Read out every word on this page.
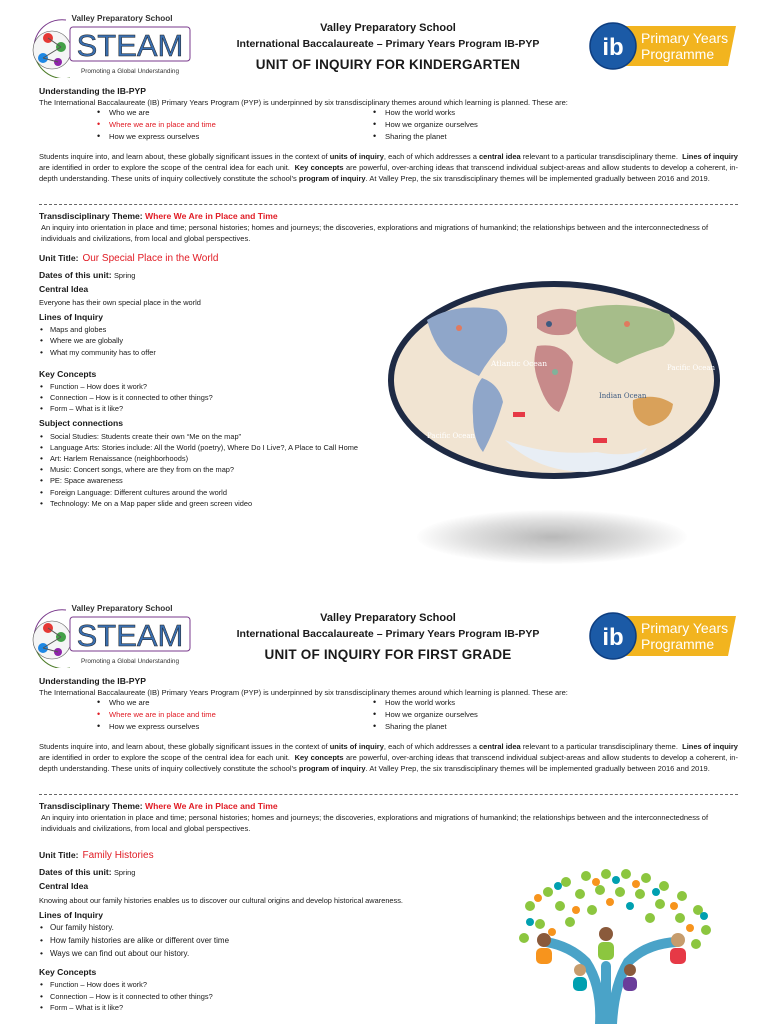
Valley Preparatory School
STEAM
Promoting a Global Understanding
Valley Preparatory School
International Baccalaureate – Primary Years Program IB-PYP
UNIT OF INQUIRY FOR KINDERGARTEN
ib Primary Years
Programme
Understanding the IB-PYP
The International Baccalaureate (IB) Primary Years Program (PYP) is underpinned by six transdisciplinary themes around which learning is planned. These are:
• Who we are
• Where we are in place and time
• How we express ourselves
• How the world works
• How we organize ourselves
• Sharing the planet
Students inquire into, and learn about, these globally significant issues in the context of units of inquiry, each of which addresses a central idea relevant to a particular transdisciplinary theme. Lines of inquiry are identified in order to explore the scope of the central idea for each unit. Key concepts are powerful, over-arching ideas that transcend individual subject-areas and allow students to develop a coherent, in-depth understanding. These units of inquiry collectively constitute the school’s program of inquiry. At Valley Prep, the six transdisciplinary themes will be implemented gradually between 2016 and 2019.
Transdisciplinary Theme: Where We Are in Place and Time
An inquiry into orientation in place and time; personal histories; homes and journeys; the discoveries, explorations and migrations of humankind; the relationships between and the interconnectedness of individuals and civilizations, from local and global perspectives.
Unit Title: Our Special Place in the World
Dates of this unit: Spring
Central Idea
Everyone has their own special place in the world
Lines of Inquiry
• Maps and globes
• Where we are globally
• What my community has to offer
Key Concepts
• Function – How does it work?
• Connection – How is it connected to other things?
• Form – What is it like?
Subject connections
• Social Studies: Students create their own “Me on the map”
• Language Arts: Stories include: All the World (poetry), Where Do I Live?, A Place to Call Home
• Art: Harlem Renaissance (neighborhoods)
• Music: Concert songs, where are they from on the map?
• PE: Space awareness
• Foreign Language: Different cultures around the world
• Technology: Me on a Map paper slide and green screen video
Atlantic Ocean
Indian Ocean
Pacific Ocean
Pacific Ocean
Valley Preparatory School
STEAM
Promoting a Global Understanding
Valley Preparatory School
International Baccalaureate – Primary Years Program IB-PYP
UNIT OF INQUIRY FOR FIRST GRADE
ib Primary Years
Programme
Understanding the IB-PYP
The International Baccalaureate (IB) Primary Years Program (PYP) is underpinned by six transdisciplinary themes around which learning is planned. These are:
• Who we are
• Where we are in place and time
• How we express ourselves
• How the world works
• How we organize ourselves
• Sharing the planet
Students inquire into, and learn about, these globally significant issues in the context of units of inquiry, each of which addresses a central idea relevant to a particular transdisciplinary theme. Lines of inquiry are identified in order to explore the scope of the central idea for each unit. Key concepts are powerful, over-arching ideas that transcend individual subject-areas and allow students to develop a coherent, in-depth understanding. These units of inquiry collectively constitute the school’s program of inquiry. At Valley Prep, the six transdisciplinary themes will be implemented gradually between 2016 and 2019.
Transdisciplinary Theme: Where We Are in Place and Time
An inquiry into orientation in place and time; personal histories; homes and journeys; the discoveries, explorations and migrations of humankind; the relationships between and the interconnectedness of individuals and civilizations, from local and global perspectives.
Unit Title: Family Histories
Dates of this unit: Spring
Central Idea
Knowing about our family histories enables us to discover our cultural origins and develop historical awareness.
Lines of Inquiry
• Our family history.
• How family histories are alike or different over time
• Ways we can find out about our history.
Key Concepts
• Function – How does it work?
• Connection – How is it connected to other things?
• Form – What is it like?
